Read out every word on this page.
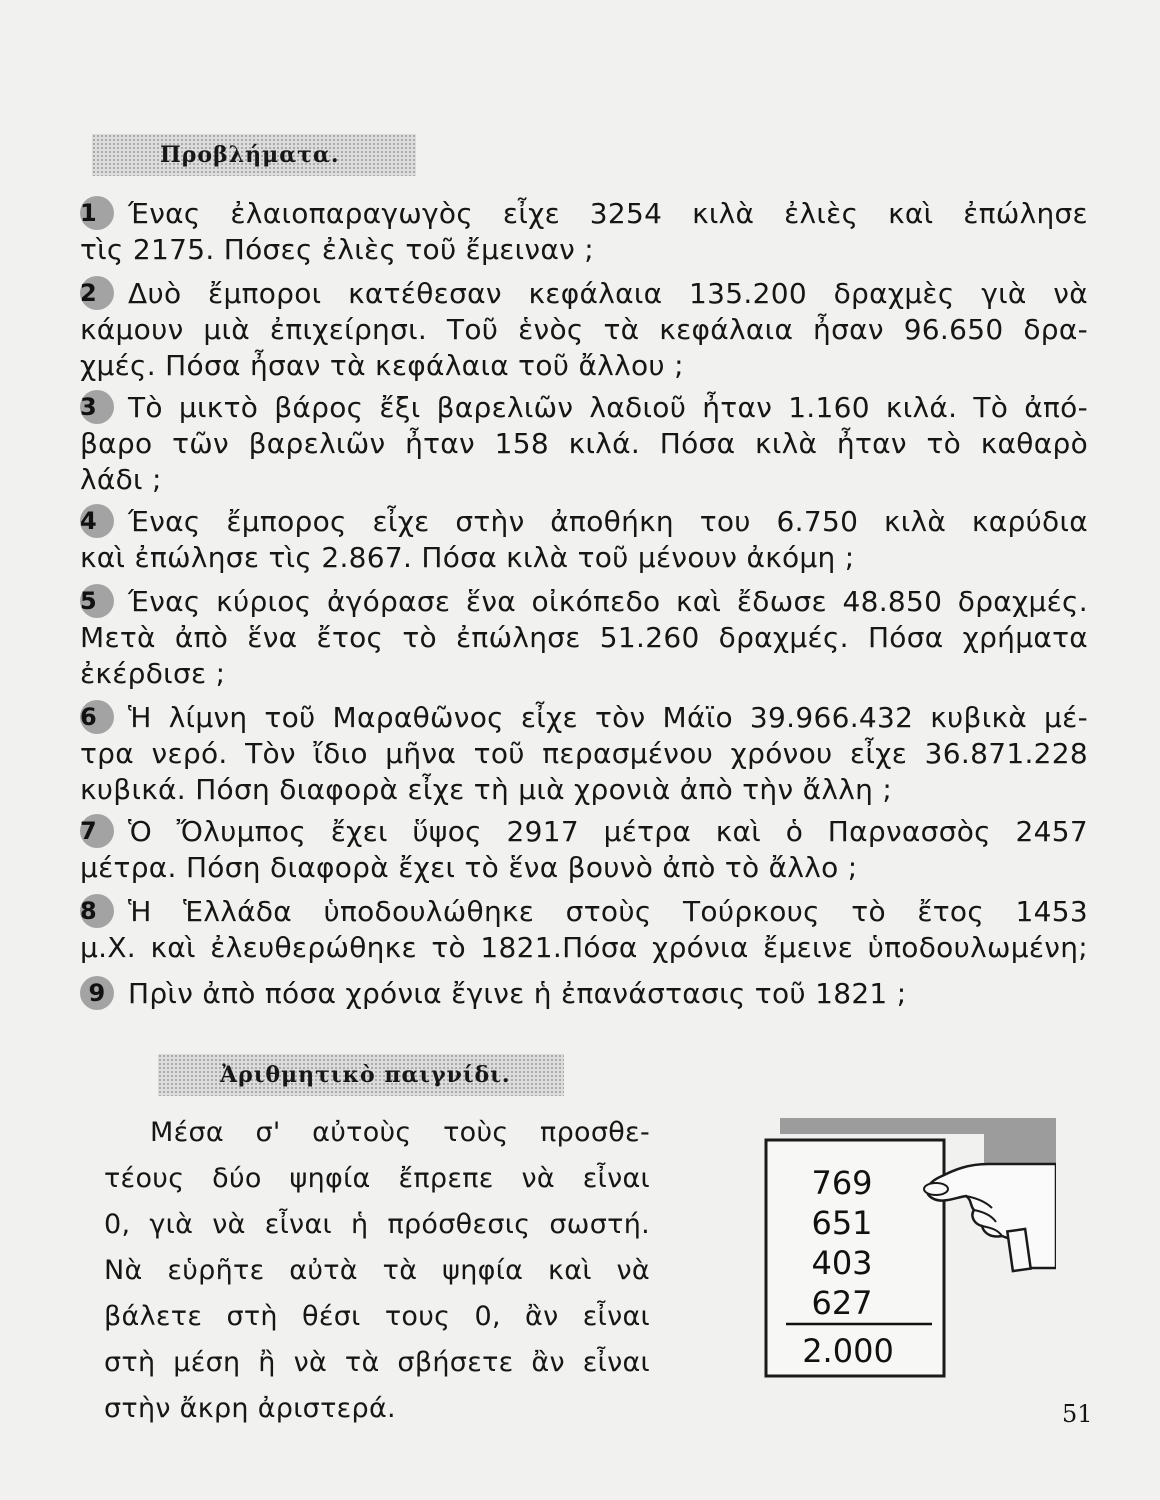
Προβλήματα.
1 Ένας ἐλαιοπαραγωγὸς εἶχε 3254 κιλὰ ἐλιὲς καὶ ἐπώλησε
τὶς 2175. Πόσες ἐλιὲς τοῦ ἔμειναν ;
2 Δυὸ ἔμποροι κατέθεσαν κεφάλαια 135.200 δραχμὲς γιὰ νὰ
κάμουν μιὰ ἐπιχείρησι. Τοῦ ἑνὸς τὰ κεφάλαια ἦσαν 96.650 δρα-
χμές. Πόσα ἦσαν τὰ κεφάλαια τοῦ ἄλλου ;
3 Τὸ μικτὸ βάρος ἔξι βαρελιῶν λαδιοῦ ἦταν 1.160 κιλά. Τὸ ἀπό-
βαρο τῶν βαρελιῶν ἦταν 158 κιλά. Πόσα κιλὰ ἦταν τὸ καθαρὸ
λάδι ;
4 Ένας ἔμπορος εἶχε στὴν ἀποθήκη του 6.750 κιλὰ καρύδια
καὶ ἐπώλησε τὶς 2.867. Πόσα κιλὰ τοῦ μένουν ἀκόμη ;
5 Ένας κύριος ἀγόρασε ἕνα οἰκόπεδο καὶ ἔδωσε 48.850 δραχμές.
Μετὰ ἀπὸ ἕνα ἔτος τὸ ἐπώλησε 51.260 δραχμές. Πόσα χρήματα
ἐκέρδισε ;
6 Ἡ λίμνη τοῦ Μαραθῶνος εἶχε τὸν Μάϊο 39.966.432 κυβικὰ μέ-
τρα νερό. Τὸν ἴδιο μῆνα τοῦ περασμένου χρόνου εἶχε 36.871.228
κυβικά. Πόση διαφορὰ εἶχε τὴ μιὰ χρονιὰ ἀπὸ τὴν ἄλλη ;
7 Ὁ Ὄλυμπος ἔχει ὕψος 2917 μέτρα καὶ ὁ Παρνασσὸς 2457
μέτρα. Πόση διαφορὰ ἔχει τὸ ἕνα βουνὸ ἀπὸ τὸ ἄλλο ;
8 Ἡ Ἑλλάδα ὑποδουλώθηκε στοὺς Τούρκους τὸ ἔτος 1453
μ.Χ. καὶ ἐλευθερώθηκε τὸ 1821.Πόσα χρόνια ἔμεινε ὑποδουλωμένη;
9 Πρὶν ἀπὸ πόσα χρόνια ἔγινε ἡ ἐπανάστασις τοῦ 1821 ;
Ἀριθμητικὸ παιγνίδι.
Μέσα σ' αὐτοὺς τοὺς προσθε-
τέους δύο ψηφία ἔπρεπε νὰ εἶναι
0, γιὰ νὰ εἶναι ἡ πρόσθεσις σωστή.
Νὰ εὑρῆτε αὐτὰ τὰ ψηφία καὶ νὰ
βάλετε στὴ θέσι τους 0, ἂν εἶναι
στὴ μέση ἢ νὰ τὰ σβήσετε ἂν εἶναι
στὴν ἄκρη ἀριστερά.
769
651
403
627
2.000
51
